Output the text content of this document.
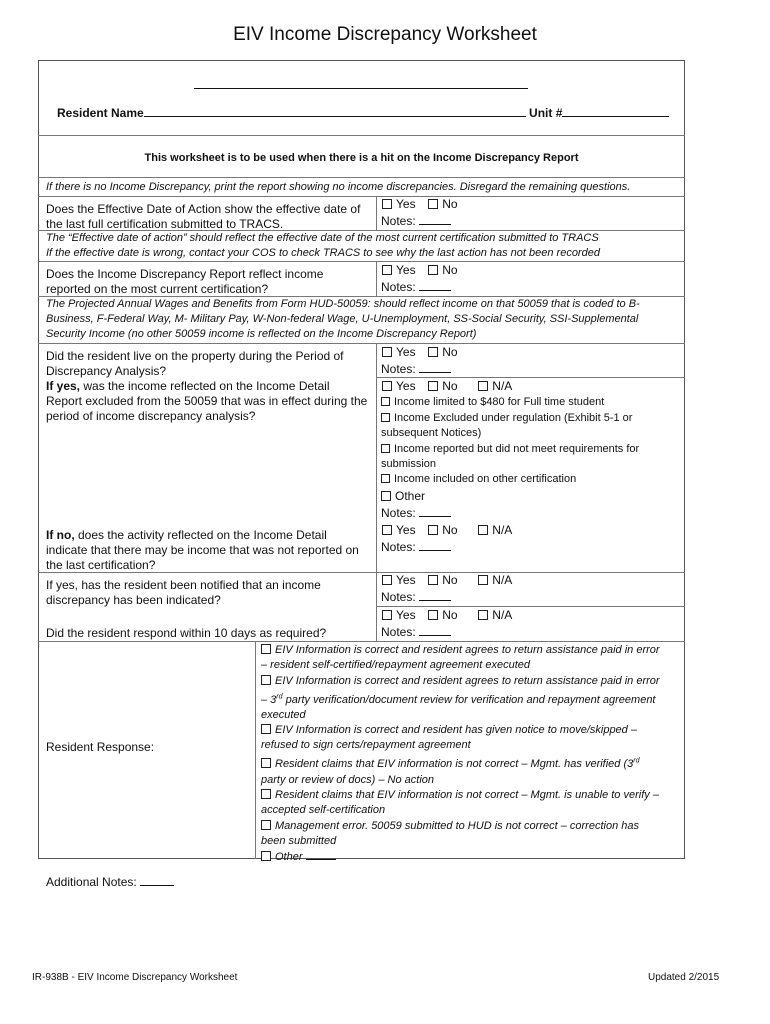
EIV Income Discrepancy Worksheet
Resident Name	Unit #
This worksheet is to be used when there is a hit on the Income Discrepancy Report
If there is no Income Discrepancy, print the report showing no income discrepancies. Disregard the remaining questions.
Does the Effective Date of Action show the effective date of the last full certification submitted to TRACS.
Yes No
Notes:
The “Effective date of action” should reflect the effective date of the most current certification submitted to TRACS
If the effective date is wrong, contact your COS to check TRACS to see why the last action has not been recorded
Does the Income Discrepancy Report reflect income reported on the most current certification?
Yes No
Notes:
The Projected Annual Wages and Benefits from Form HUD-50059: should reflect income on that 50059 that is coded to B-Business, F-Federal Way, M- Military Pay, W-Non-federal Wage, U-Unemployment, SS-Social Security, SSI-Supplemental Security Income (no other 50059 income is reflected on the Income Discrepancy Report)
Did the resident live on the property during the Period of Discrepancy Analysis?
Yes No
Notes:
If yes, was the income reflected on the Income Detail Report excluded from the 50059 that was in effect during the period of income discrepancy analysis?
Yes No	N/A
Income limited to $480 for Full time student
Income Excluded under regulation (Exhibit 5-1 or subsequent Notices)
Income reported but did not meet requirements for submission
Income included on other certification
Other
Notes:
If no, does the activity reflected on the Income Detail indicate that there may be income that was not reported on the last certification?
Yes No	N/A
Notes:
If yes, has the resident been notified that an income discrepancy has been indicated?
Yes No	N/A
Notes:
Did the resident respond within 10 days as required?
Yes No	N/A
Notes:
Resident Response:
EIV Information is correct and resident agrees to return assistance paid in error
– resident self-certified/repayment agreement executed
EIV Information is correct and resident agrees to return assistance paid in error
– 3rd party verification/document review for verification and repayment agreement
executed
EIV Information is correct and resident has given notice to move/skipped –
refused to sign certs/repayment agreement
Resident claims that EIV information is not correct – Mgmt. has verified (3rd
party or review of docs) – No action
Resident claims that EIV information is not correct – Mgmt. is unable to verify –
accepted self-certification
Management error. 50059 submitted to HUD is not correct – correction has
been submitted
Other
Additional Notes:
IR-938B - EIV Income Discrepancy Worksheet	Updated 2/2015
